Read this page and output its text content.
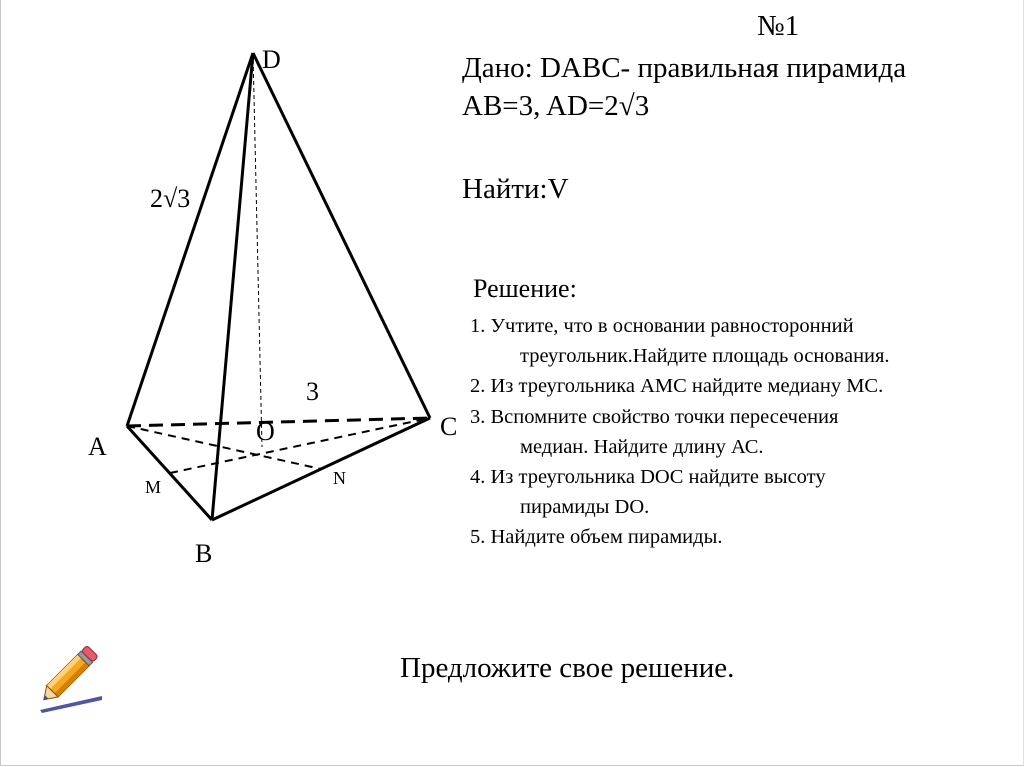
D
A
B
C
O
M	N
2√3
3
№1
Дано: DABC- правильная пирамида
AB=3, AD=2√3
Найти:V
Решение:
1. Учтите, что в основании равносторонний
треугольник.Найдите площадь основания.
2. Из треугольника АМС найдите медиану МС.
3. Вспомните свойство точки пересечения
медиан. Найдите длину АС.
4. Из треугольника DOC найдите высоту
пирамиды DO.
5. Найдите объем пирамиды.
Предложите свое решение.
